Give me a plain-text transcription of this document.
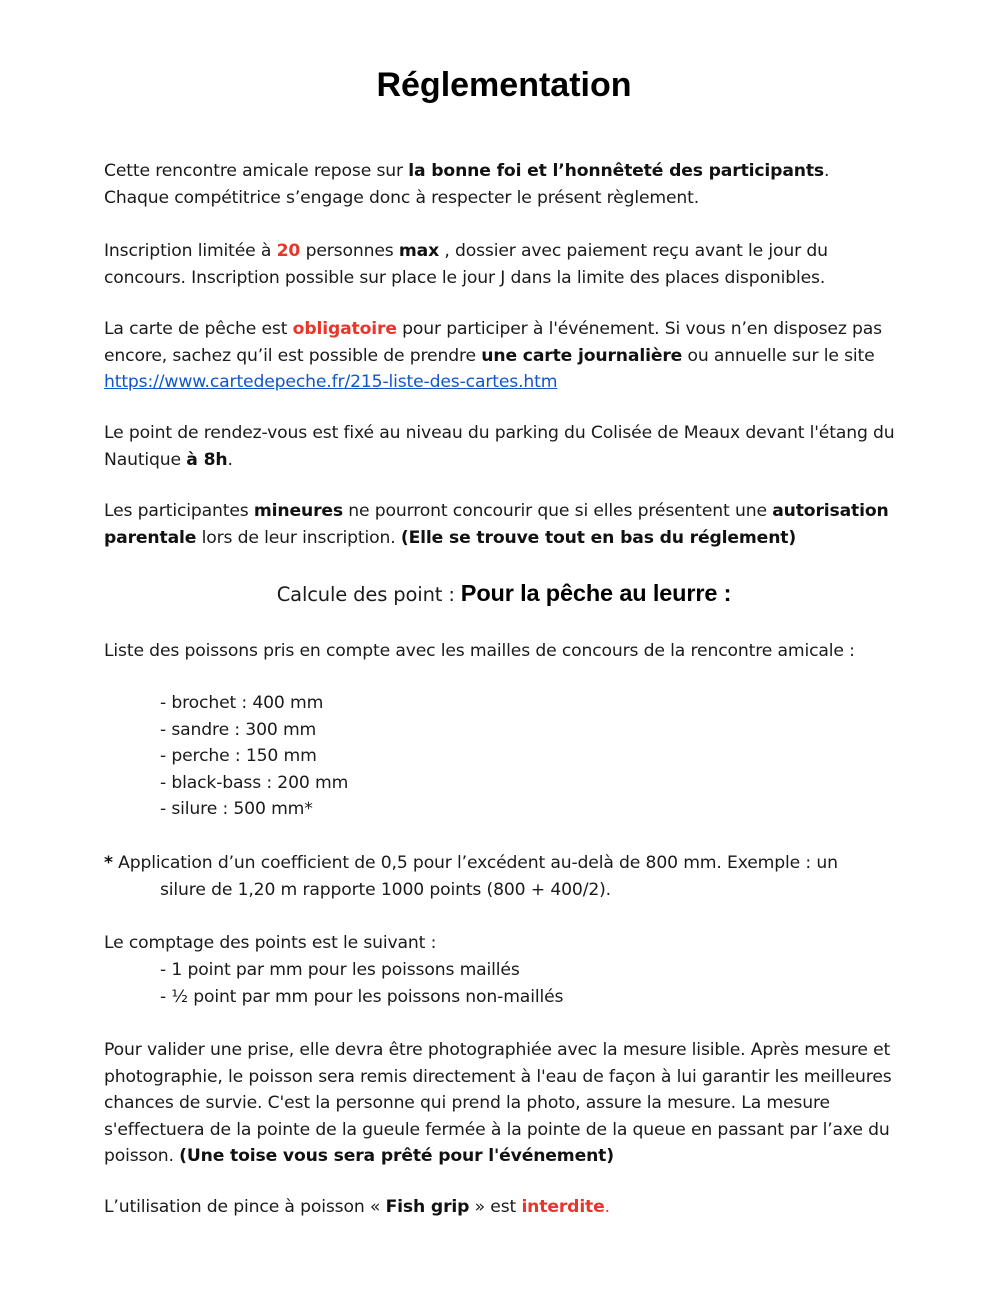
Réglementation

Cette rencontre amicale repose sur la bonne foi et l’honnêteté des participants.
Chaque compétitrice s’engage donc à respecter le présent règlement.

Inscription limitée à 20 personnes max , dossier avec paiement reçu avant le jour du concours. Inscription possible sur place le jour J dans la limite des places disponibles.

La carte de pêche est obligatoire pour participer à l'événement. Si vous n’en disposez pas encore, sachez qu’il est possible de prendre une carte journalière ou annuelle sur le site
https://www.cartedepeche.fr/215-liste-des-cartes.htm

Le point de rendez-vous est fixé au niveau du parking du Colisée de Meaux devant l'étang du Nautique à 8h.

Les participantes mineures ne pourront concourir que si elles présentent une autorisation parentale lors de leur inscription. (Elle se trouve tout en bas du réglement)

Calcule des point : Pour la pêche au leurre :

Liste des poissons pris en compte avec les mailles de concours de la rencontre amicale :

- brochet : 400 mm
- sandre : 300 mm
- perche : 150 mm
- black-bass : 200 mm
- silure : 500 mm*

* Application d’un coefficient de 0,5 pour l’excédent au-delà de 800 mm. Exemple : un
silure de 1,20 m rapporte 1000 points (800 + 400/2).

Le comptage des points est le suivant :

- 1 point par mm pour les poissons maillés
- ½ point par mm pour les poissons non-maillés

Pour valider une prise, elle devra être photographiée avec la mesure lisible. Après mesure et photographie, le poisson sera remis directement à l'eau de façon à lui garantir les meilleures chances de survie. C'est la personne qui prend la photo, assure la mesure. La mesure s'effectuera de la pointe de la gueule fermée à la pointe de la queue en passant par l’axe du poisson. (Une toise vous sera prêté pour l'événement)

L’utilisation de pince à poisson « Fish grip » est interdite.
